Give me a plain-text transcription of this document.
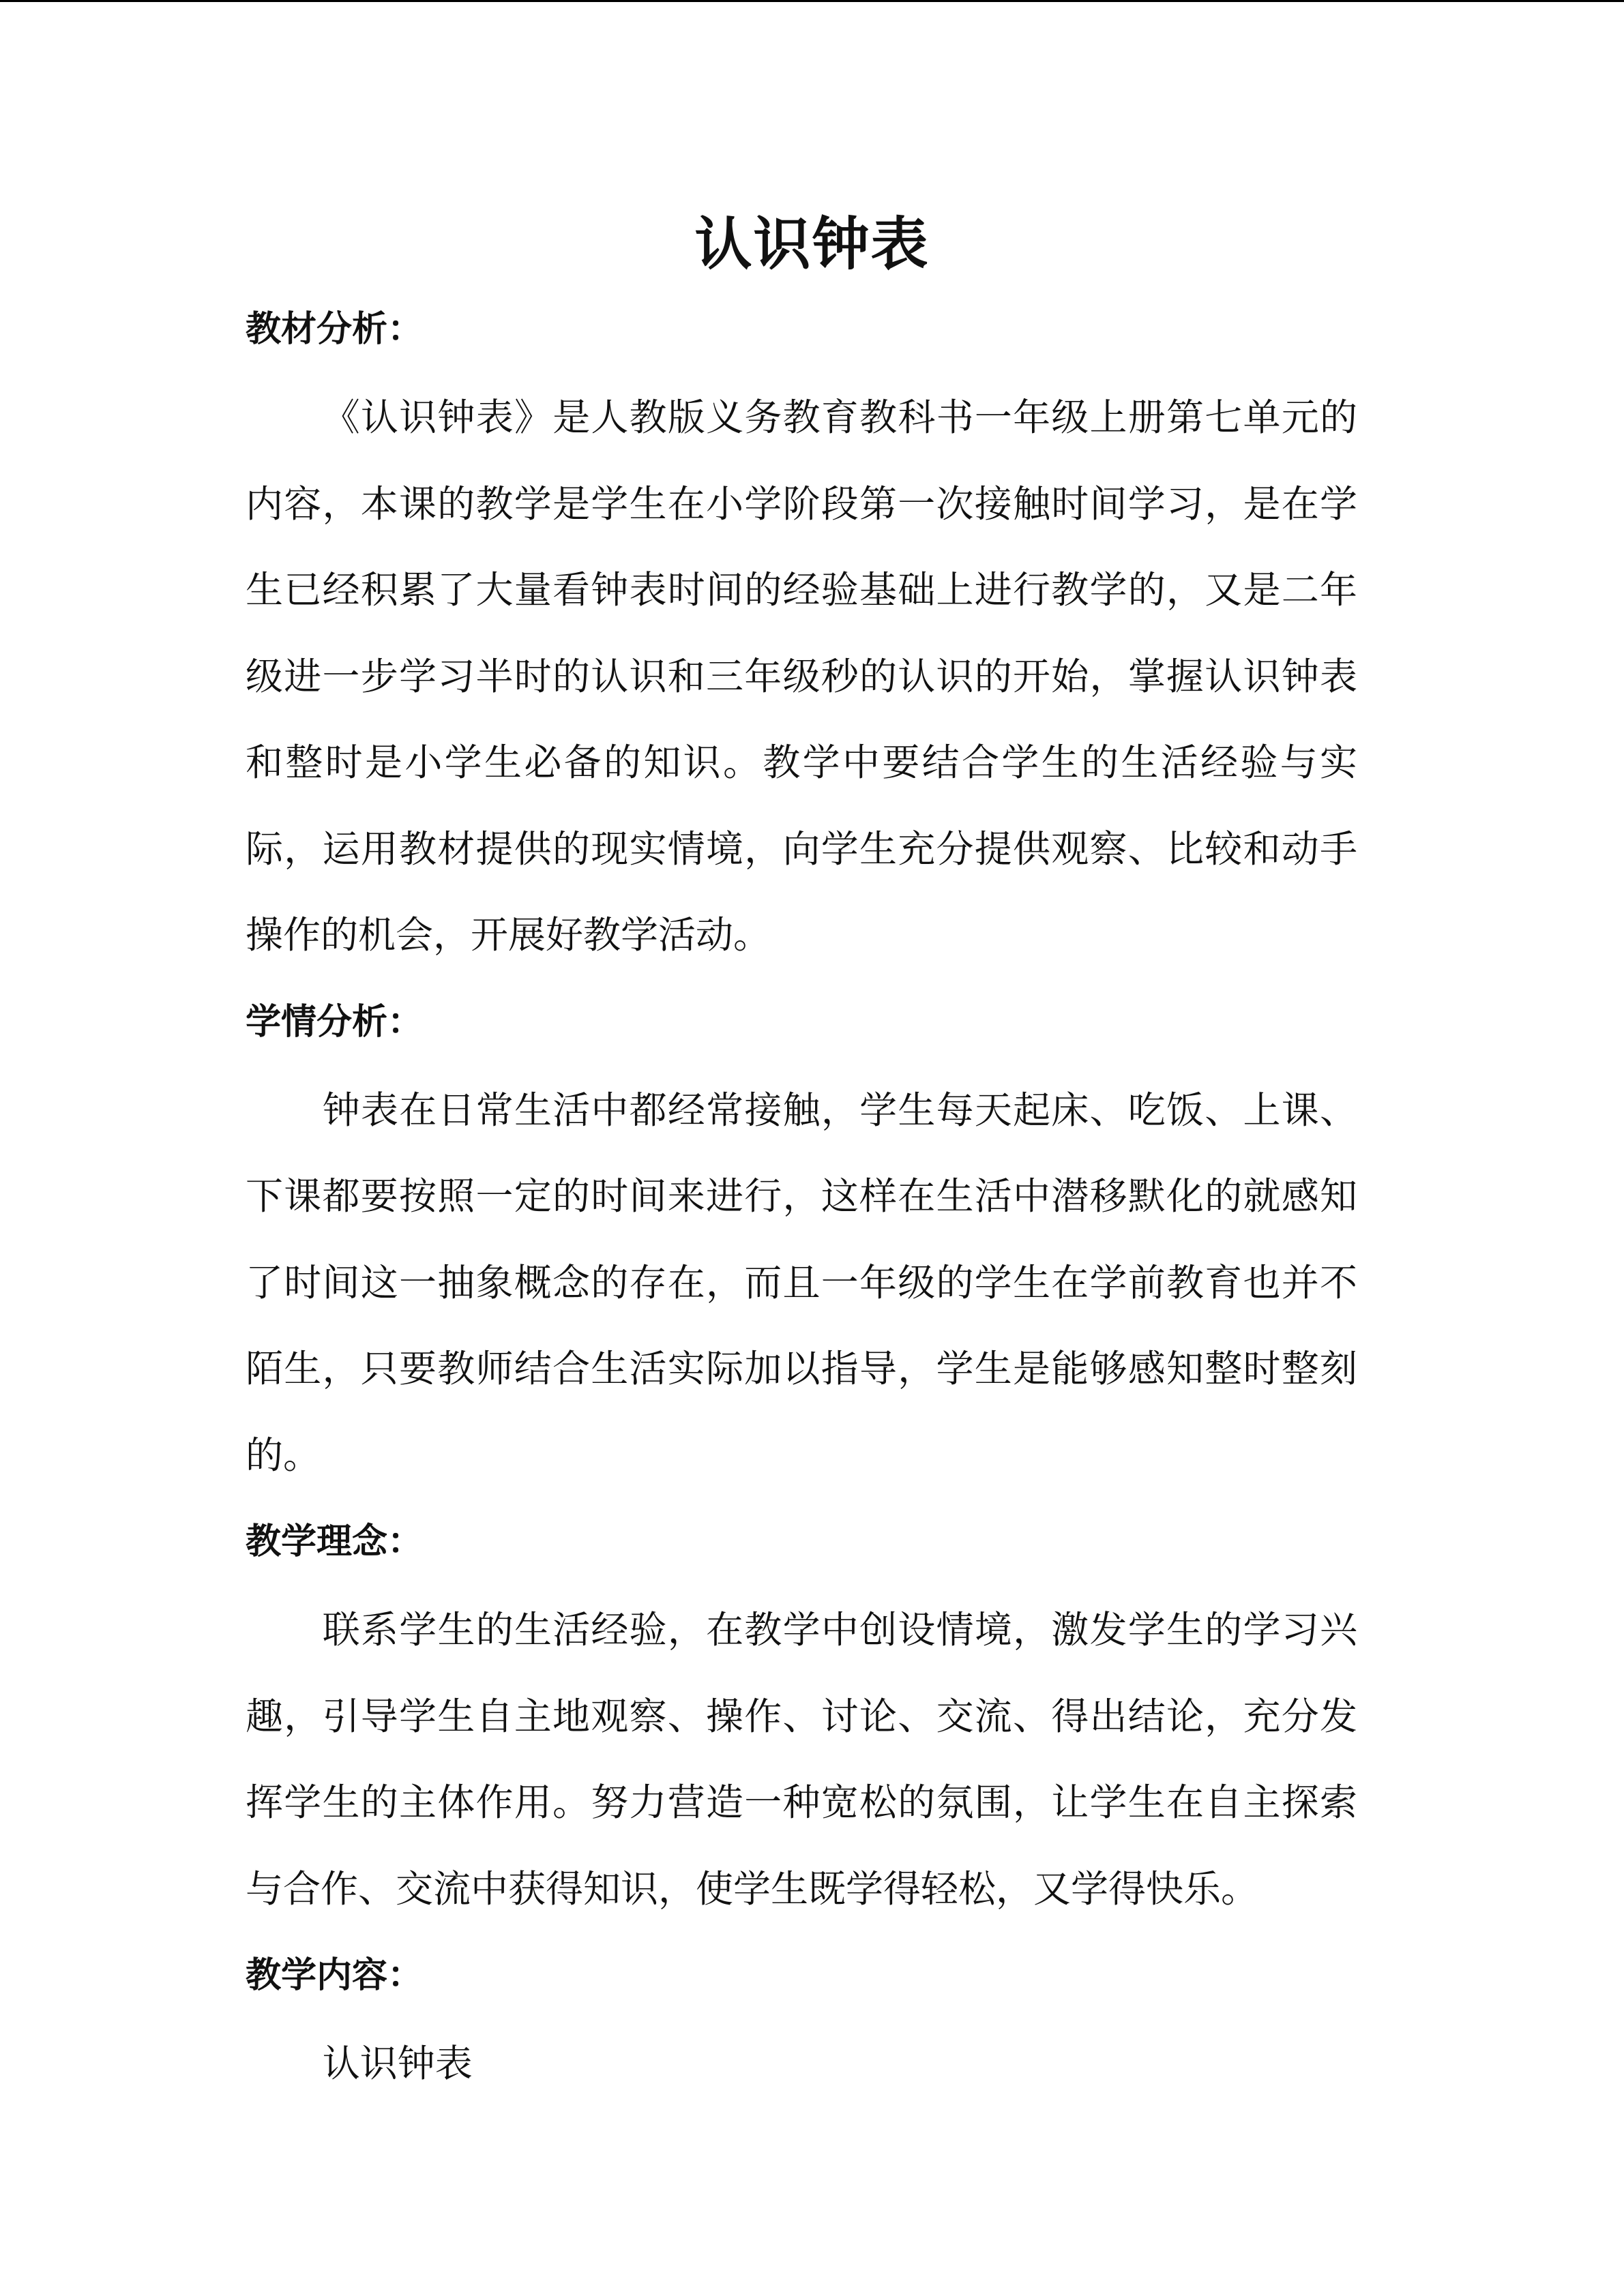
认识钟表

教材分析：

《认识钟表》是人教版义务教育教科书一年级上册第七单元的内容，本课的教学是学生在小学阶段第一次接触时间学习，是在学生已经积累了大量看钟表时间的经验基础上进行教学的，又是二年级进一步学习半时的认识和三年级秒的认识的开始，掌握认识钟表和整时是小学生必备的知识。教学中要结合学生的生活经验与实际，运用教材提供的现实情境，向学生充分提供观察、比较和动手操作的机会，开展好教学活动。

学情分析：

钟表在日常生活中都经常接触，学生每天起床、吃饭、上课、下课都要按照一定的时间来进行，这样在生活中潜移默化的就感知了时间这一抽象概念的存在，而且一年级的学生在学前教育也并不陌生，只要教师结合生活实际加以指导，学生是能够感知整时整刻的。

教学理念：

联系学生的生活经验，在教学中创设情境，激发学生的学习兴趣，引导学生自主地观察、操作、讨论、交流、得出结论，充分发挥学生的主体作用。努力营造一种宽松的氛围，让学生在自主探索与合作、交流中获得知识，使学生既学得轻松，又学得快乐。

教学内容：

认识钟表
